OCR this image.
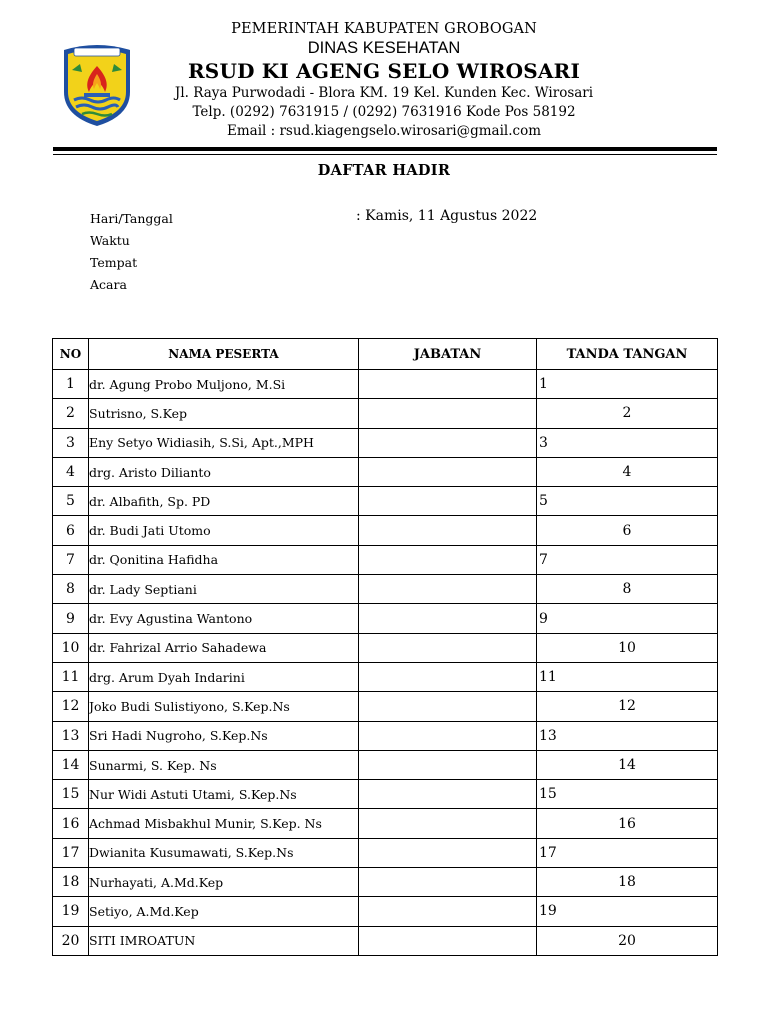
PEMERINTAH KABUPATEN GROBOGAN
DINAS KESEHATAN
RSUD KI AGENG SELO WIROSARI
Jl. Raya Purwodadi - Blora KM. 19 Kel. Kunden Kec. Wirosari
Telp. (0292) 7631915 / (0292) 7631916 Kode Pos 58192
Email : rsud.kiagengselo.wirosari@gmail.com
DAFTAR HADIR
Hari/Tanggal	: Kamis, 11 Agustus 2022
Waktu
Tempat
Acara
NO	NAMA PESERTA	JABATAN	TANDA TANGAN
1	dr. Agung Probo Muljono, M.Si		1
2	Sutrisno, S.Kep		2
3	Eny Setyo Widiasih, S.Si, Apt.,MPH		3
4	drg. Aristo Dilianto		4
5	dr. Albafith, Sp. PD		5
6	dr. Budi Jati Utomo		6
7	dr. Qonitina Hafidha		7
8	dr. Lady Septiani		8
9	dr. Evy Agustina Wantono		9
10	dr. Fahrizal Arrio Sahadewa		10
11	drg. Arum Dyah Indarini		11
12	Joko Budi Sulistiyono, S.Kep.Ns		12
13	Sri Hadi Nugroho, S.Kep.Ns		13
14	Sunarmi, S. Kep. Ns		14
15	Nur Widi Astuti Utami, S.Kep.Ns		15
16	Achmad Misbakhul Munir, S.Kep. Ns		16
17	Dwianita Kusumawati, S.Kep.Ns		17
18	Nurhayati, A.Md.Kep		18
19	Setiyo, A.Md.Kep		19
20	SITI IMROATUN		20
